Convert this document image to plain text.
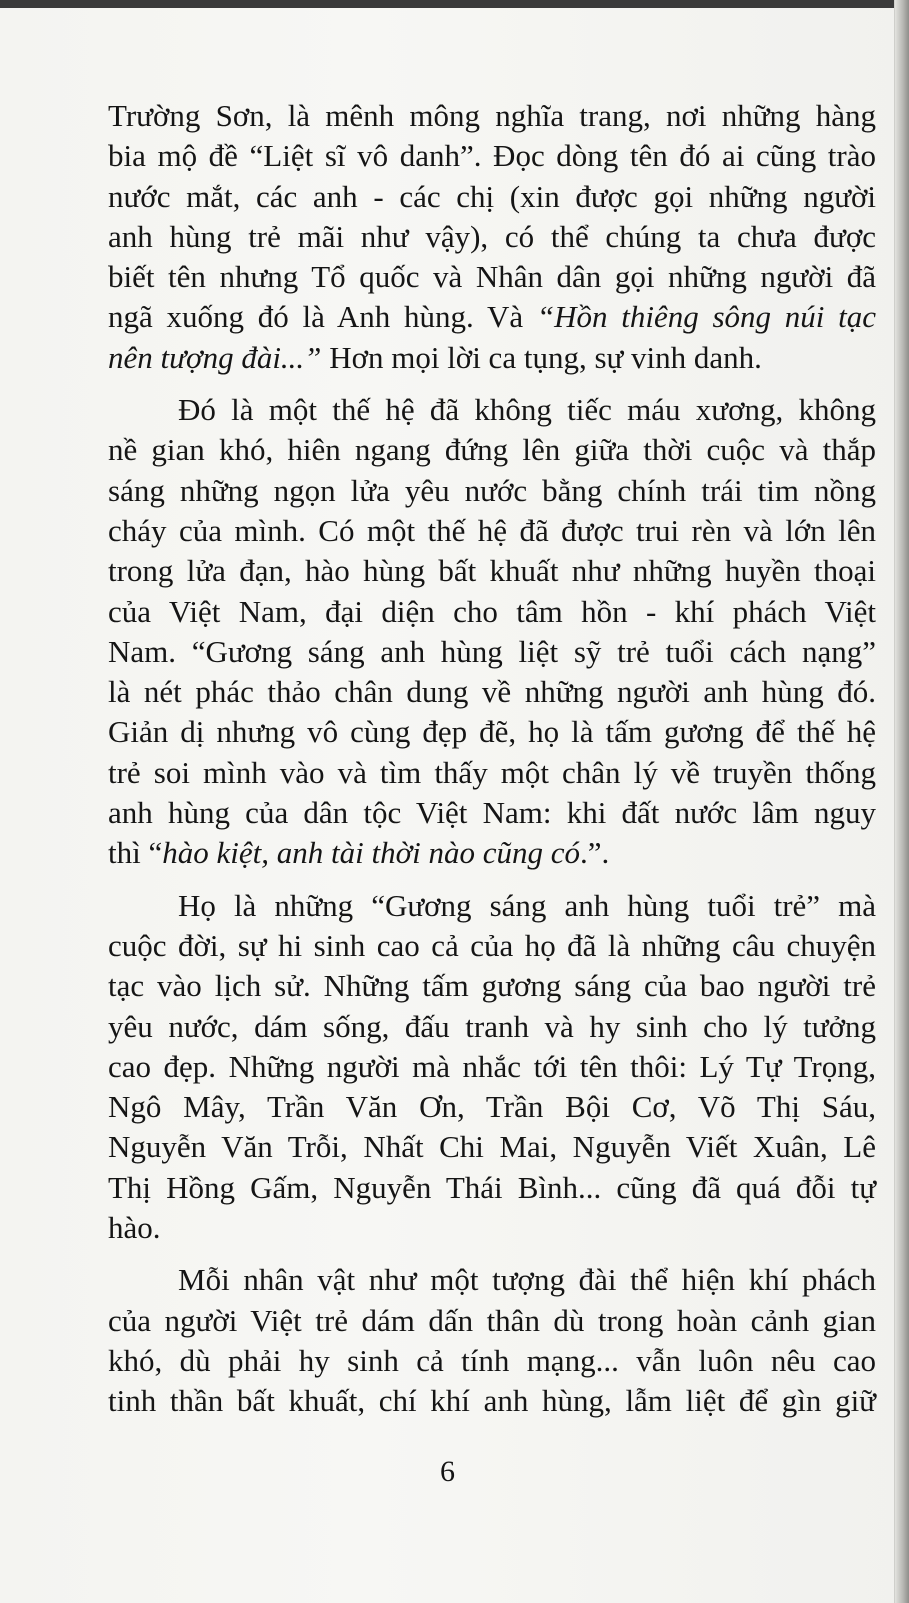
Trường Sơn, là mênh mông nghĩa trang, nơi những hàng
bia mộ đề “Liệt sĩ vô danh”. Đọc dòng tên đó ai cũng trào
nước mắt, các anh - các chị (xin được gọi những người
anh hùng trẻ mãi như vậy), có thể chúng ta chưa được
biết tên nhưng Tổ quốc và Nhân dân gọi những người đã
ngã xuống đó là Anh hùng. Và “Hồn thiêng sông núi tạc
nên tượng đài...” Hơn mọi lời ca tụng, sự vinh danh.
Đó là một thế hệ đã không tiếc máu xương, không
nề gian khó, hiên ngang đứng lên giữa thời cuộc và thắp
sáng những ngọn lửa yêu nước bằng chính trái tim nồng
cháy của mình. Có một thế hệ đã được trui rèn và lớn lên
trong lửa đạn, hào hùng bất khuất như những huyền thoại
của Việt Nam, đại diện cho tâm hồn - khí phách Việt
Nam. “Gương sáng anh hùng liệt sỹ trẻ tuổi cách nạng”
là nét phác thảo chân dung về những người anh hùng đó.
Giản dị nhưng vô cùng đẹp đẽ, họ là tấm gương để thế hệ
trẻ soi mình vào và tìm thấy một chân lý về truyền thống
anh hùng của dân tộc Việt Nam: khi đất nước lâm nguy
thì “hào kiệt, anh tài thời nào cũng có.”.
Họ là những “Gương sáng anh hùng tuổi trẻ” mà
cuộc đời, sự hi sinh cao cả của họ đã là những câu chuyện
tạc vào lịch sử. Những tấm gương sáng của bao người trẻ
yêu nước, dám sống, đấu tranh và hy sinh cho lý tưởng
cao đẹp. Những người mà nhắc tới tên thôi: Lý Tự Trọng,
Ngô Mây, Trần Văn Ơn, Trần Bội Cơ, Võ Thị Sáu,
Nguyễn Văn Trỗi, Nhất Chi Mai, Nguyễn Viết Xuân, Lê
Thị Hồng Gấm, Nguyễn Thái Bình... cũng đã quá đỗi tự
hào.
Mỗi nhân vật như một tượng đài thể hiện khí phách
của người Việt trẻ dám dấn thân dù trong hoàn cảnh gian
khó, dù phải hy sinh cả tính mạng... vẫn luôn nêu cao
tinh thần bất khuất, chí khí anh hùng, lẫm liệt để gìn giữ
6
